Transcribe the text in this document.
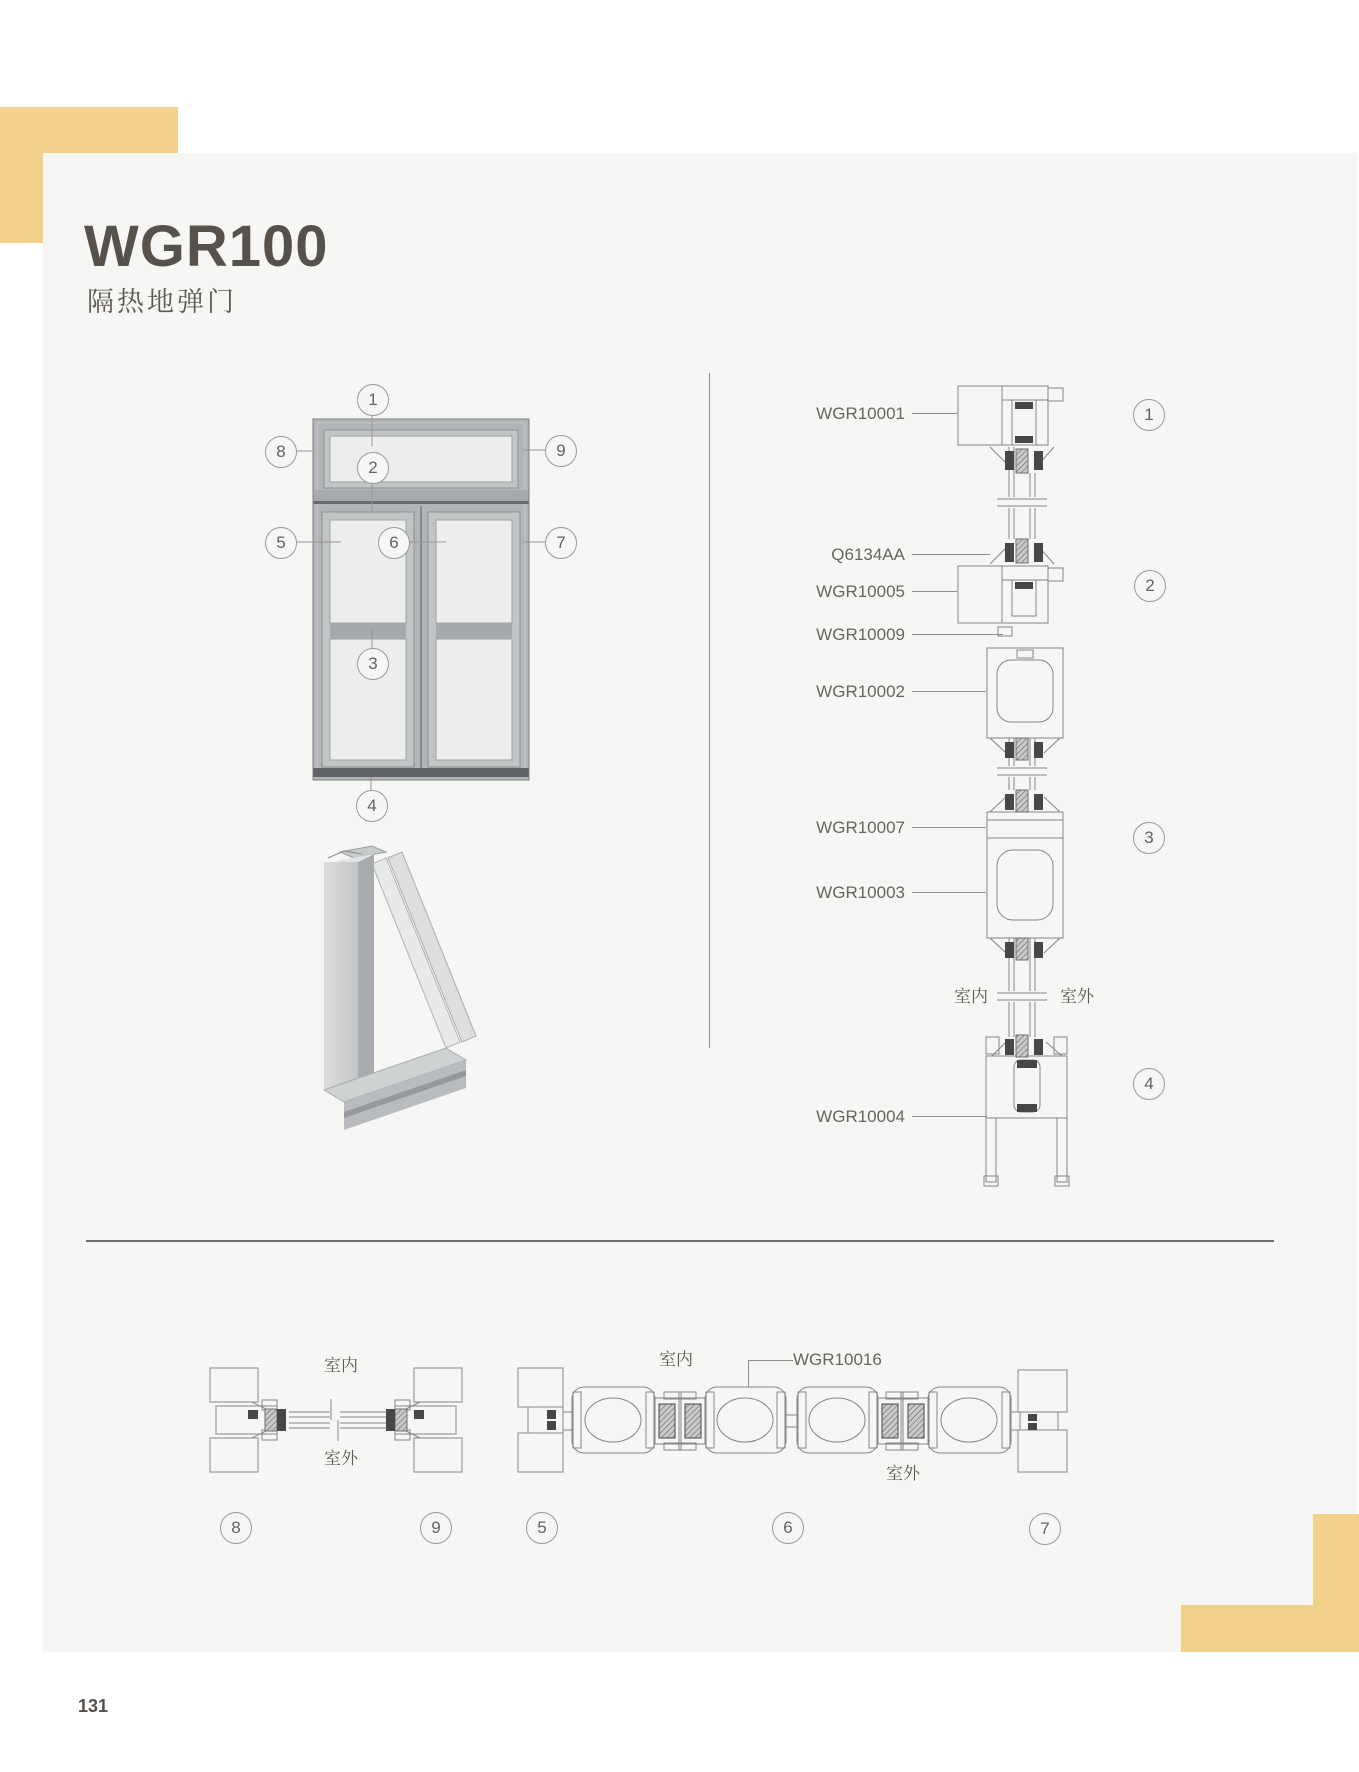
WGR100
隔热地弹门
1
2
8	9
5	6	7
3
4
WGR10001
Q6134AA
WGR10005
WGR10009
WGR10002
WGR10007
WGR10003
WGR10004
室内	室外
1
2
3
4
室内
室外
8	9
室内
室外
WGR10016
5	6	7
131
